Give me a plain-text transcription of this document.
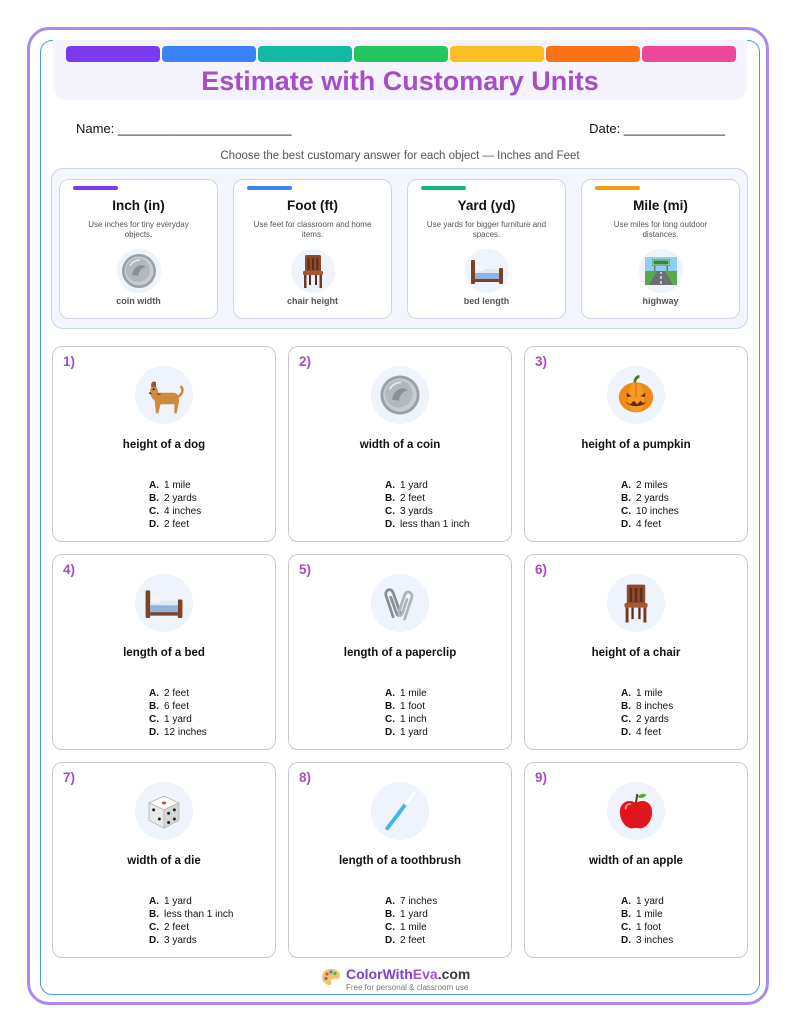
Estimate with Customary Units
Name: ________________________	Date: ______________
Choose the best customary answer for each object — Inches and Feet
Inch (in)
Use inches for tiny everyday objects.
coin width
Foot (ft)
Use feet for classroom and home items.
chair height
Yard (yd)
Use yards for bigger furniture and spaces.
bed length
Mile (mi)
Use miles for long outdoor distances.
highway
1)
height of a dog
A. 1 mile
B. 2 yards
C. 4 inches
D. 2 feet
2)
width of a coin
A. 1 yard
B. 2 feet
C. 3 yards
D. less than 1 inch
3)
height of a pumpkin
A. 2 miles
B. 2 yards
C. 10 inches
D. 4 feet
4)
length of a bed
A. 2 feet
B. 6 feet
C. 1 yard
D. 12 inches
5)
length of a paperclip
A. 1 mile
B. 1 foot
C. 1 inch
D. 1 yard
6)
height of a chair
A. 1 mile
B. 8 inches
C. 2 yards
D. 4 feet
7)
width of a die
A. 1 yard
B. less than 1 inch
C. 2 feet
D. 3 yards
8)
length of a toothbrush
A. 7 inches
B. 1 yard
C. 1 mile
D. 2 feet
9)
width of an apple
A. 1 yard
B. 1 mile
C. 1 foot
D. 3 inches
ColorWithEva.com
Free for personal & classroom use
